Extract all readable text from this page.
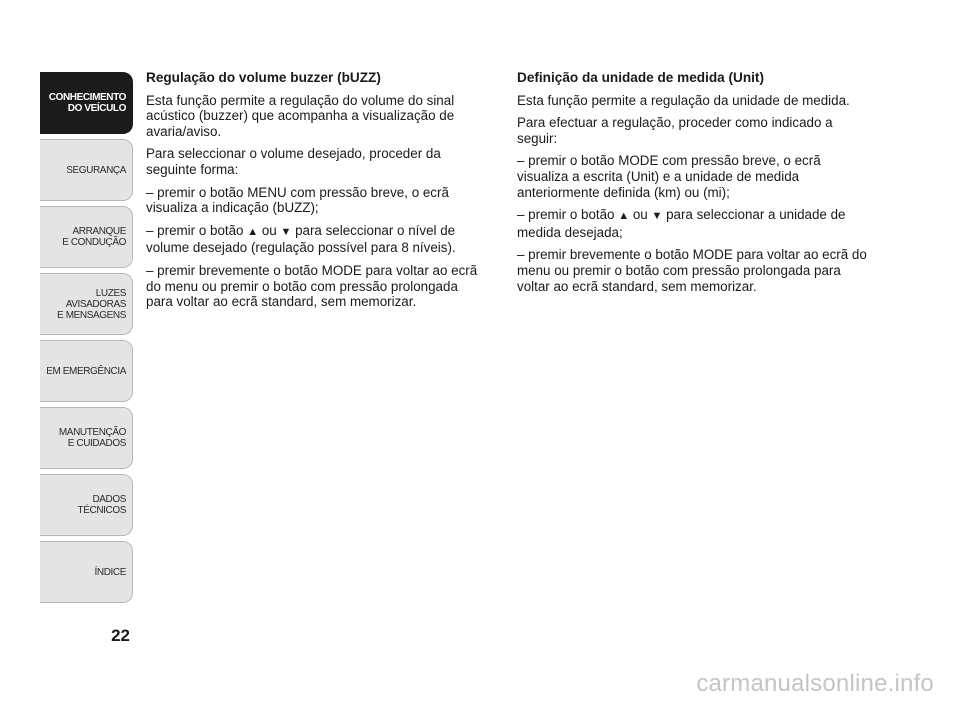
CONHECIMENTO
DO VEÍCULO
SEGURANÇA
ARRANQUE
E CONDUÇÃO
LUZES
AVISADORAS
E MENSAGENS
EM EMERGÊNCIA
MANUTENÇÃO
E CUIDADOS
DADOS
TÉCNICOS
ÍNDICE
22
Regulação do volume buzzer (bUZZ)

Esta função permite a regulação do volume do sinal acústico (buzzer) que acompanha a visualização de avaria/aviso.

Para seleccionar o volume desejado, proceder da seguinte forma:

– premir o botão MENU com pressão breve, o ecrã visualiza a indicação (bUZZ);

– premir o botão ▲ ou ▼ para seleccionar o nível de volume desejado (regulação possível para 8 níveis).

– premir brevemente o botão MODE para voltar ao ecrã do menu ou premir o botão com pressão prolongada para voltar ao ecrã standard, sem memorizar.

Definição da unidade de medida (Unit)

Esta função permite a regulação da unidade de medida.

Para efectuar a regulação, proceder como indicado a seguir:

– premir o botão MODE com pressão breve, o ecrã visualiza a escrita (Unit) e a unidade de medida anteriormente definida (km) ou (mi);

– premir o botão ▲ ou ▼ para seleccionar a unidade de medida desejada;

– premir brevemente o botão MODE para voltar ao ecrã do menu ou premir o botão com pressão prolongada para voltar ao ecrã standard, sem memorizar.

carmanualsonline.info
